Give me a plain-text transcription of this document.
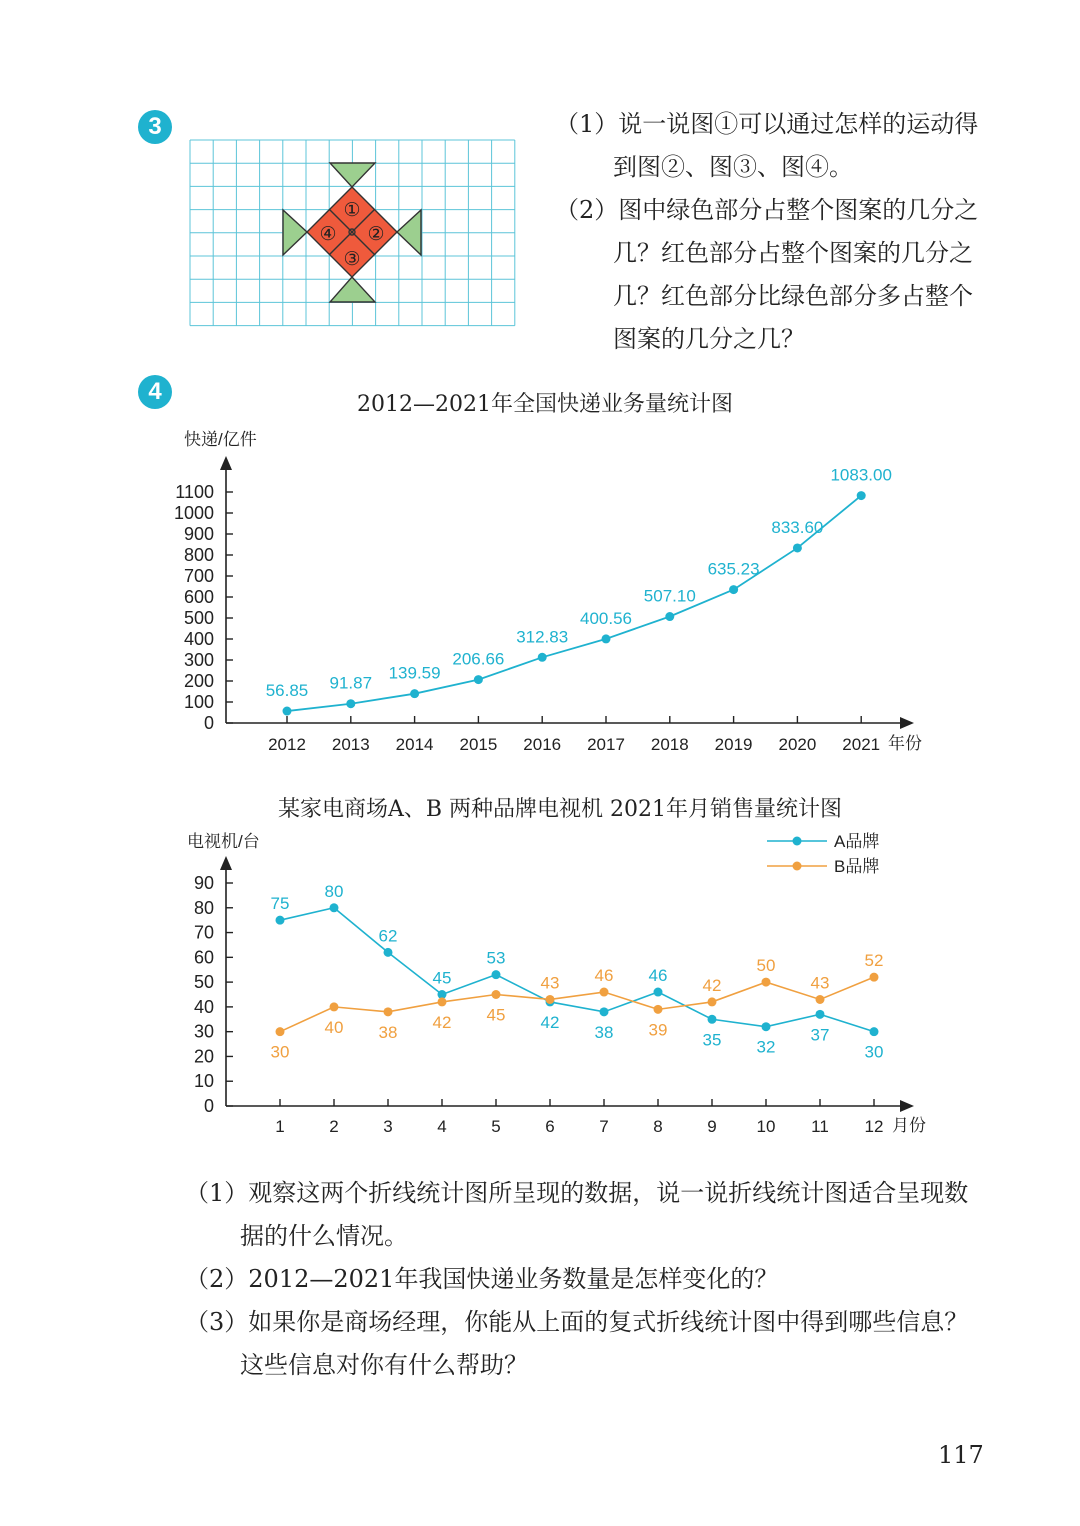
3
①
②
③
④
（1）说一说图①可以通过怎样的运动得
到图②、图③、图④。
（2）图中绿色部分占整个图案的几分之
几？红色部分占整个图案的几分之
几？红色部分比绿色部分多占整个
图案的几分之几？
4	2012—2021年全国快递业务量统计图
快递/亿件
年份
0
100
200
300
400
500
600
700
800
900
1000
1100
2012 2013 2014 2015 2016 2017 2018 2019 2020 2021
56.85 91.87
139.59
206.66
312.83
400.56
507.10
635.23
833.60
1083.00
某家电商场A、B 两种品牌电视机 2021年月销售量统计图
电视机/台
月份
0
10
20
30
40
50
60
70
80
90
1	2	3	4	5	6	7	8	9 10 11 12
75
80
62
45
53
42
38
46
35 32
37
30
30
40 38
42 45
43 46
39
42
50
43
52
A品牌
B品牌
（1）观察这两个折线统计图所呈现的数据，说一说折线统计图适合呈现数
据的什么情况。
（2）2012—2021年我国快递业务数量是怎样变化的？
（3）如果你是商场经理，你能从上面的复式折线统计图中得到哪些信息？
这些信息对你有什么帮助？
117
